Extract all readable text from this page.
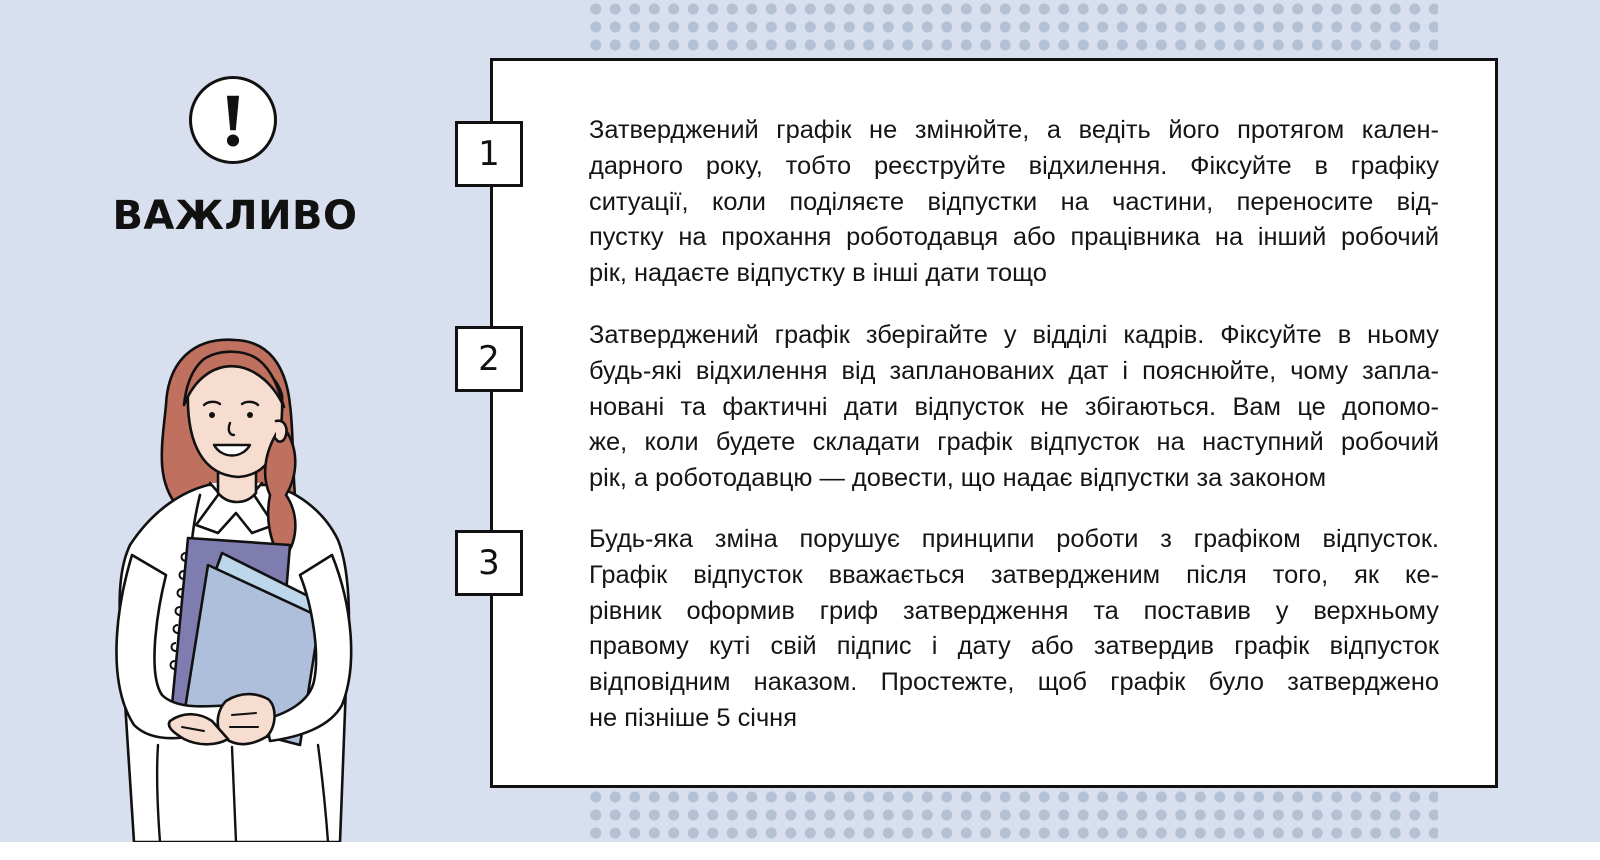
ВАЖЛИВО
1
2
3
Затверджений графік не змінюйте, а ведіть його протягом кален-
дарного року, тобто реєструйте відхилення. Фіксуйте в графіку
ситуації, коли поділяєте відпустки на частини, переносите від-
пустку на прохання роботодавця або працівника на інший робочий
рік, надаєте відпустку в інші дати тощо
Затверджений графік зберігайте у відділі кадрів. Фіксуйте в ньому
будь-які відхилення від запланованих дат і пояснюйте, чому запла-
новані та фактичні дати відпусток не збігаються. Вам це допомо-
же, коли будете складати графік відпусток на наступний робочий
рік, а роботодавцю — довести, що надає відпустки за законом
Будь-яка зміна порушує принципи роботи з графіком відпусток.
Графік відпусток вважається затвердженим після того, як ке-
рівник оформив гриф затвердження та поставив у верхньому
правому куті свій підпис і дату або затвердив графік відпусток
відповідним наказом. Простежте, щоб графік було затверджено
не пізніше 5 січня
